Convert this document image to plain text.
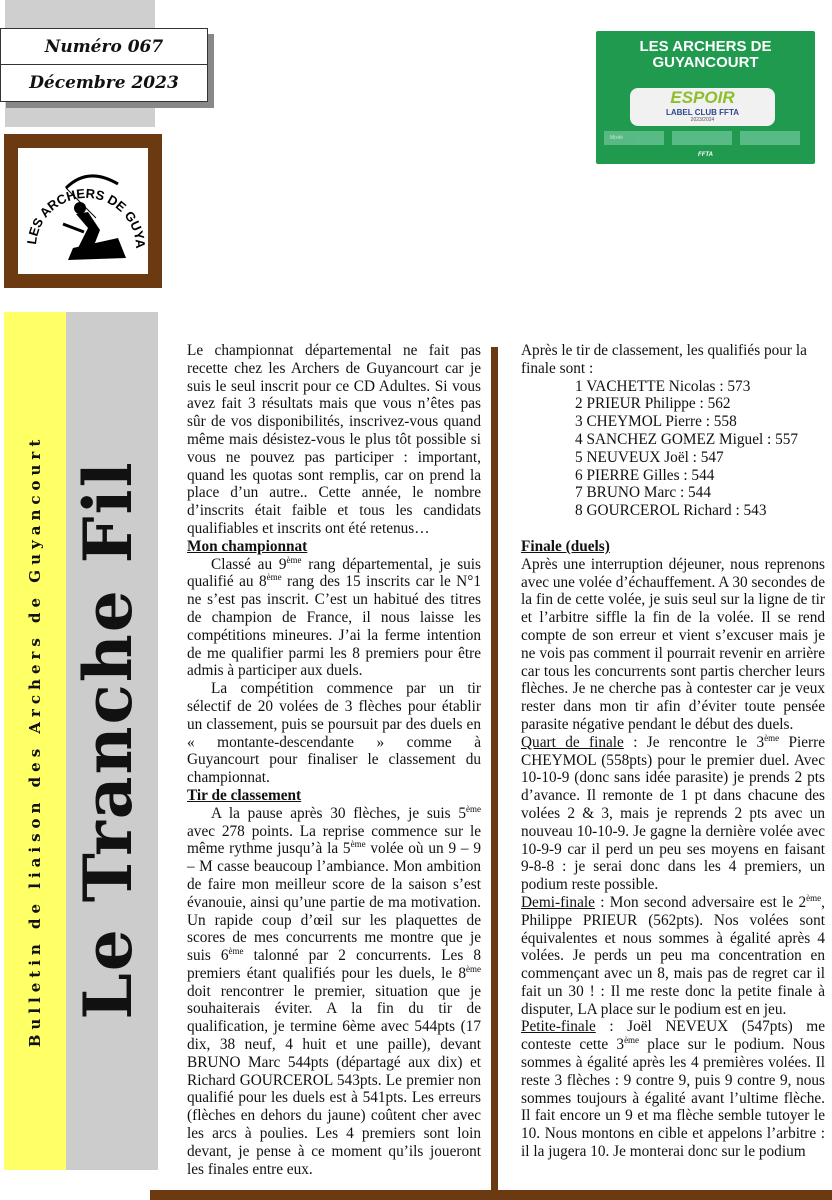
Numéro 067
Décembre 2023
LES ARCHERS DE GUYA
LES ARCHERS DE
GUYANCOURT
ESPOIR
LABEL CLUB FFTA
2023/2024
Mixité
FFTA
Bulletin de liaison des Archers de Guyancourt Le Tranche Fil

Le championnat départemental ne fait pas recette chez les Archers de Guyancourt car je suis le seul inscrit pour ce CD Adultes. Si vous avez fait 3 résultats mais que vous n’êtes pas sûr de vos disponibilités, inscrivez-vous quand même mais désistez-vous le plus tôt possible si vous ne pouvez pas participer : important, quand les quotas sont remplis, car on prend la place d’un autre.. Cette année, le nombre d’inscrits était faible et tous les candidats qualifiables et inscrits ont été retenus…

Mon championnat

Classé au 9ème rang départemental, je suis qualifié au 8ème rang des 15 inscrits car le N°1 ne s’est pas inscrit. C’est un habitué des titres de champion de France, il nous laisse les compétitions mineures. J’ai la ferme intention de me qualifier parmi les 8 premiers pour être admis à participer aux duels.

La compétition commence par un tir sélectif de 20 volées de 3 flèches pour établir un classement, puis se poursuit par des duels en « montante-descendante » comme à Guyancourt pour finaliser le classement du championnat.

Tir de classement

A la pause après 30 flèches, je suis 5ème avec 278 points. La reprise commence sur le même rythme jusqu’à la 5ème volée où un 9 – 9 – M casse beaucoup l’ambiance. Mon ambition de faire mon meilleur score de la saison s’est évanouie, ainsi qu’une partie de ma motivation. Un rapide coup d’œil sur les plaquettes de scores de mes concurrents me montre que je suis 6ème talonné par 2 concurrents. Les 8 premiers étant qualifiés pour les duels, le 8ème doit rencontrer le premier, situation que je souhaiterais éviter. A la fin du tir de qualification, je termine 6ème avec 544pts (17 dix, 38 neuf, 4 huit et une paille), devant BRUNO Marc 544pts (départagé aux dix) et Richard GOURCEROL 543pts. Le premier non qualifié pour les duels est à 541pts. Les erreurs (flèches en dehors du jaune) coûtent cher avec les arcs à poulies. Les 4 premiers sont loin devant, je pense à ce moment qu’ils joueront les finales entre eux.

Après le tir de classement, les qualifiés pour la finale sont :

1 VACHETTE Nicolas : 573
2 PRIEUR Philippe : 562
3 CHEYMOL Pierre : 558
4 SANCHEZ GOMEZ Miguel : 557
5 NEUVEUX Joël : 547
6 PIERRE Gilles : 544
7 BRUNO Marc : 544
8 GOURCEROL Richard : 543

Finale (duels)

Après une interruption déjeuner, nous reprenons avec une volée d’échauffement. A 30 secondes de la fin de cette volée, je suis seul sur la ligne de tir et l’arbitre siffle la fin de la volée. Il se rend compte de son erreur et vient s’excuser mais je ne vois pas comment il pourrait revenir en arrière car tous les concurrents sont partis chercher leurs flèches. Je ne cherche pas à contester car je veux rester dans mon tir afin d’éviter toute pensée parasite négative pendant le début des duels.

Quart de finale : Je rencontre le 3ème Pierre CHEYMOL (558pts) pour le premier duel. Avec 10-10-9 (donc sans idée parasite) je prends 2 pts d’avance. Il remonte de 1 pt dans chacune des volées 2 & 3, mais je reprends 2 pts avec un nouveau 10-10-9. Je gagne la dernière volée avec 10-9-9 car il perd un peu ses moyens en faisant 9-8-8 : je serai donc dans les 4 premiers, un podium reste possible.

Demi-finale : Mon second adversaire est le 2ème, Philippe PRIEUR (562pts). Nos volées sont équivalentes et nous sommes à égalité après 4 volées. Je perds un peu ma concentration en commençant avec un 8, mais pas de regret car il fait un 30 ! : Il me reste donc la petite finale à disputer, LA place sur le podium est en jeu.

Petite-finale : Joël NEVEUX (547pts) me conteste cette 3ème place sur le podium. Nous sommes à égalité après les 4 premières volées. Il reste 3 flèches : 9 contre 9, puis 9 contre 9, nous sommes toujours à égalité avant l’ultime flèche. Il fait encore un 9 et ma flèche semble tutoyer le 10. Nous montons en cible et appelons l’arbitre : il la jugera 10. Je monterai donc sur le podium
